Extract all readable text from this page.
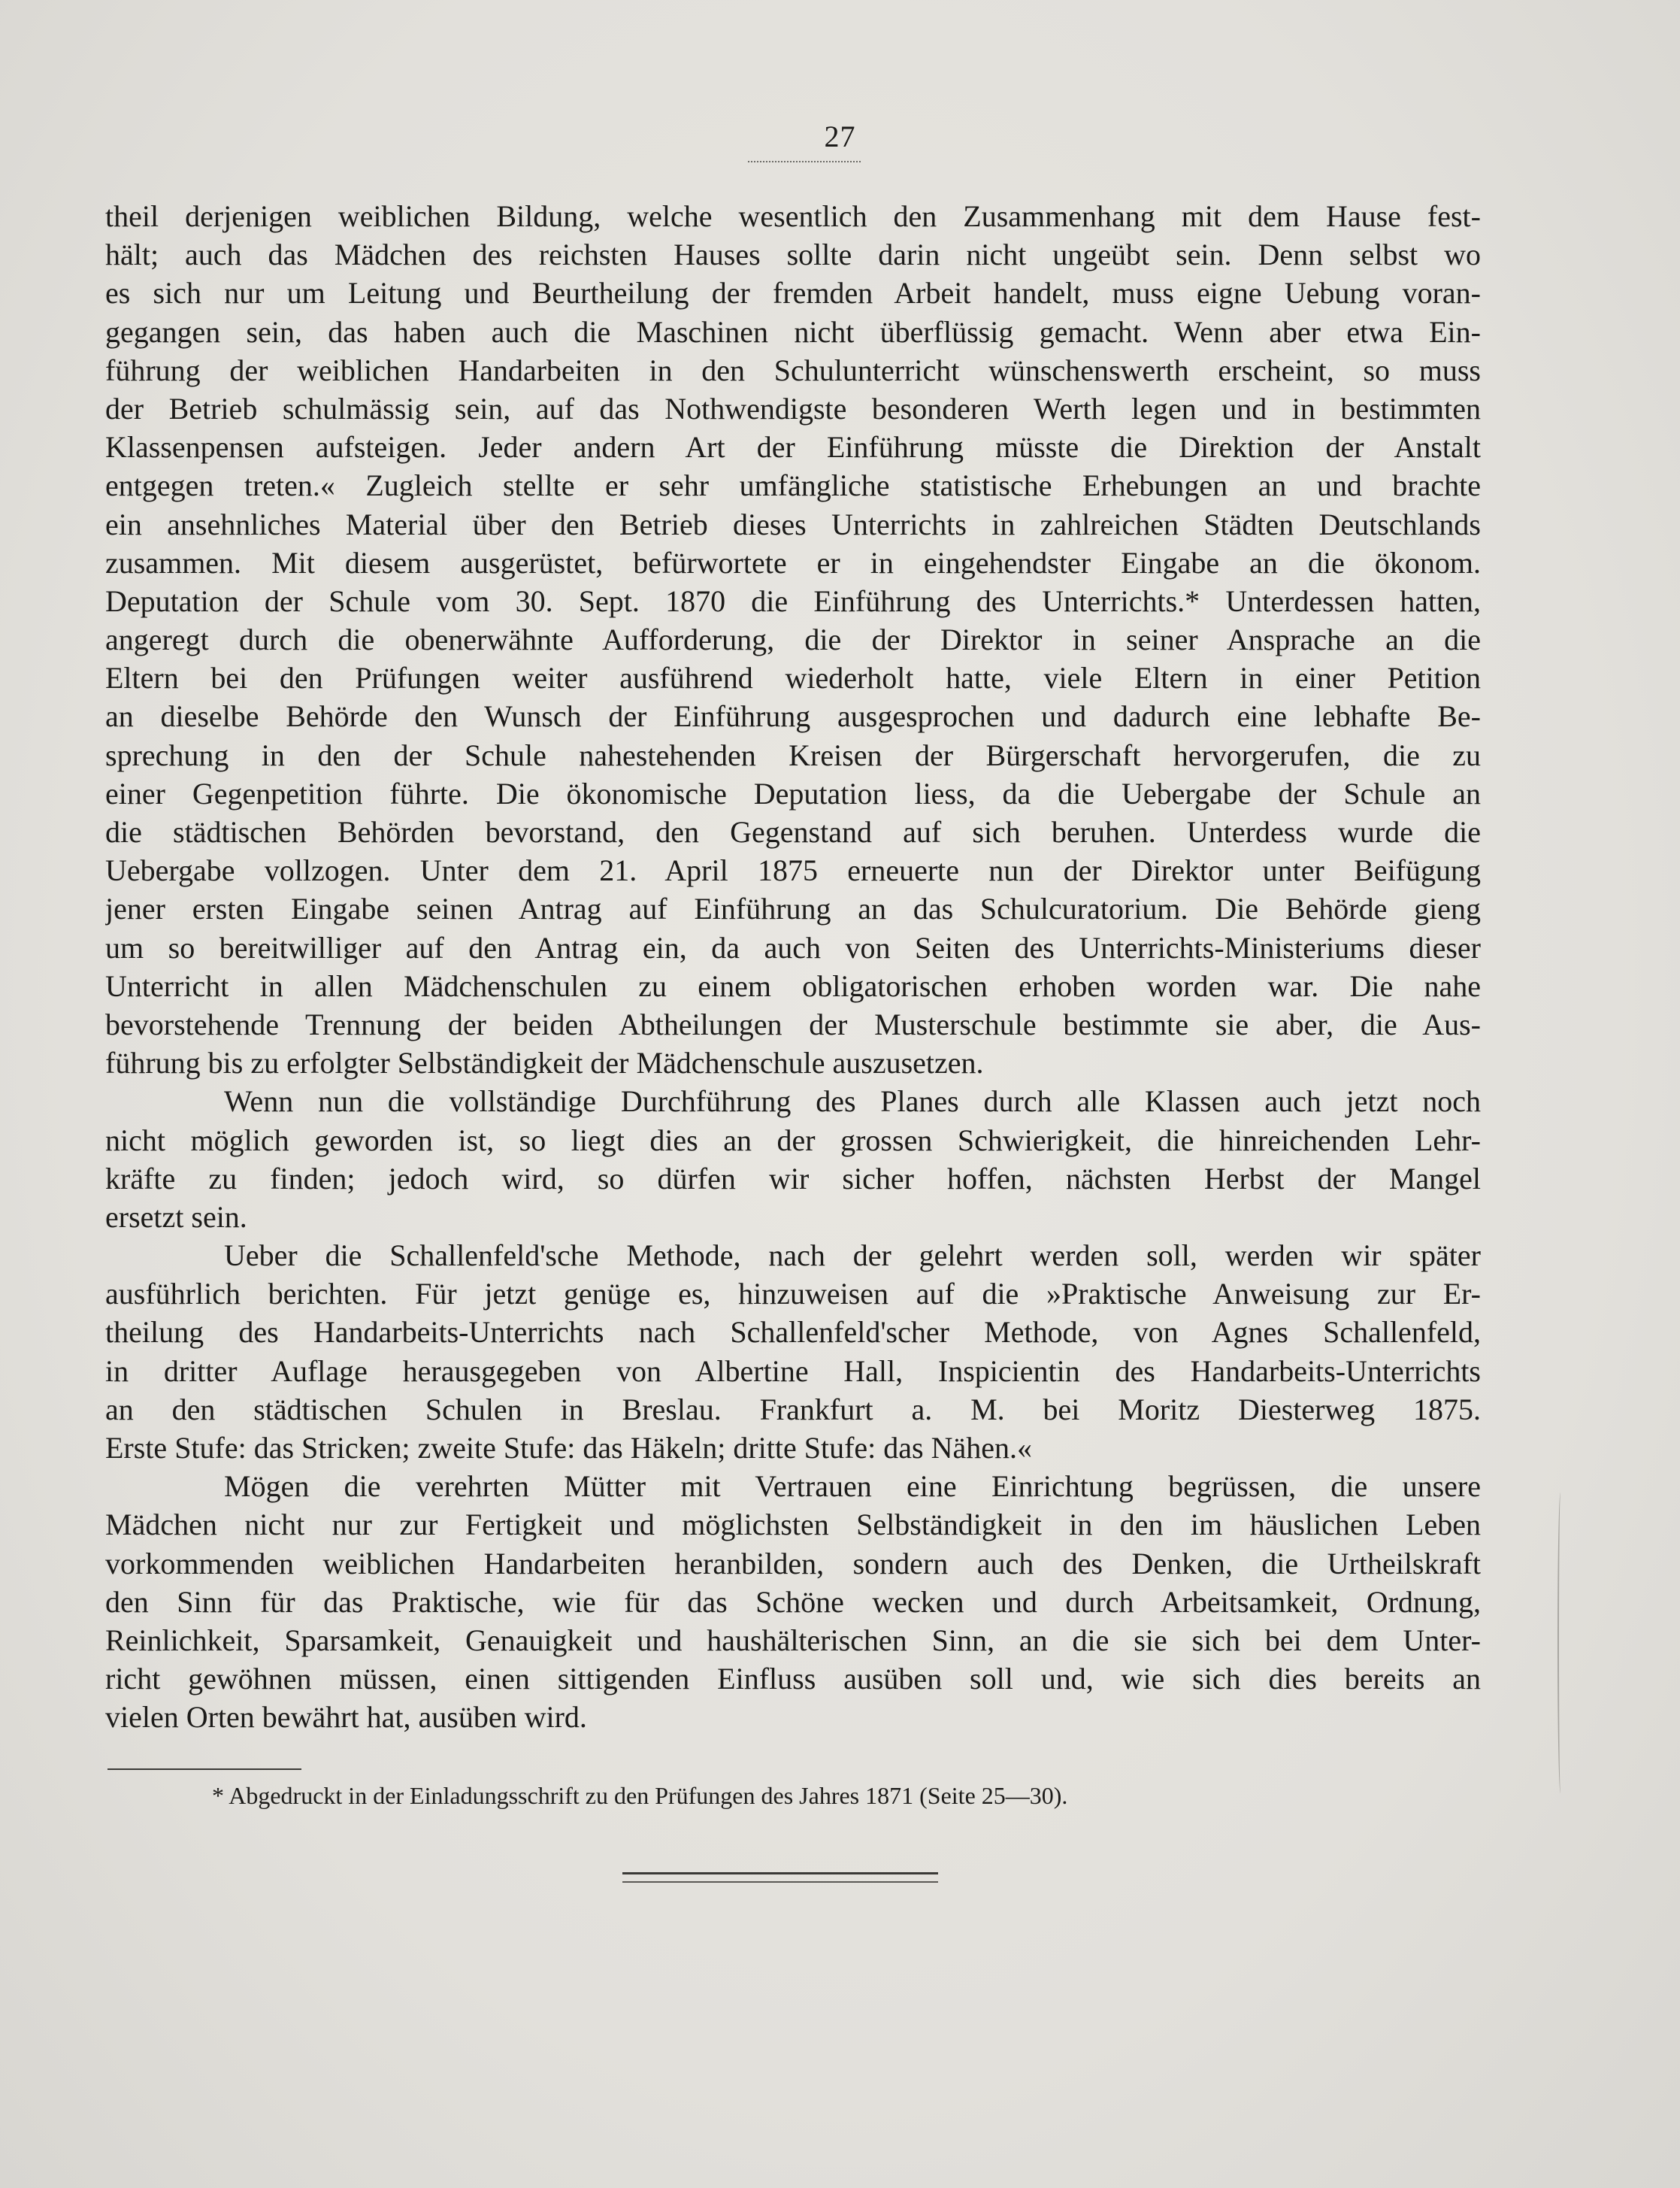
27
theil derjenigen weiblichen Bildung, welche wesentlich den Zusammenhang mit dem Hause fest-
hält; auch das Mädchen des reichsten Hauses sollte darin nicht ungeübt sein. Denn selbst wo
es sich nur um Leitung und Beurtheilung der fremden Arbeit handelt, muss eigne Uebung voran-
gegangen sein, das haben auch die Maschinen nicht überflüssig gemacht. Wenn aber etwa Ein-
führung der weiblichen Handarbeiten in den Schulunterricht wünschenswerth erscheint, so muss
der Betrieb schulmässig sein, auf das Nothwendigste besonderen Werth legen und in bestimmten
Klassenpensen aufsteigen. Jeder andern Art der Einführung müsste die Direktion der Anstalt
entgegen treten.« Zugleich stellte er sehr umfängliche statistische Erhebungen an und brachte
ein ansehnliches Material über den Betrieb dieses Unterrichts in zahlreichen Städten Deutschlands
zusammen. Mit diesem ausgerüstet, befürwortete er in eingehendster Eingabe an die ökonom.
Deputation der Schule vom 30. Sept. 1870 die Einführung des Unterrichts.* Unterdessen hatten,
angeregt durch die obenerwähnte Aufforderung, die der Direktor in seiner Ansprache an die
Eltern bei den Prüfungen weiter ausführend wiederholt hatte, viele Eltern in einer Petition
an dieselbe Behörde den Wunsch der Einführung ausgesprochen und dadurch eine lebhafte Be-
sprechung in den der Schule nahestehenden Kreisen der Bürgerschaft hervorgerufen, die zu
einer Gegenpetition führte. Die ökonomische Deputation liess, da die Uebergabe der Schule an
die städtischen Behörden bevorstand, den Gegenstand auf sich beruhen. Unterdess wurde die
Uebergabe vollzogen. Unter dem 21. April 1875 erneuerte nun der Direktor unter Beifügung
jener ersten Eingabe seinen Antrag auf Einführung an das Schulcuratorium. Die Behörde gieng
um so bereitwilliger auf den Antrag ein, da auch von Seiten des Unterrichts-Ministeriums dieser
Unterricht in allen Mädchenschulen zu einem obligatorischen erhoben worden war. Die nahe
bevorstehende Trennung der beiden Abtheilungen der Musterschule bestimmte sie aber, die Aus-
führung bis zu erfolgter Selbständigkeit der Mädchenschule auszusetzen.
Wenn nun die vollständige Durchführung des Planes durch alle Klassen auch jetzt noch
nicht möglich geworden ist, so liegt dies an der grossen Schwierigkeit, die hinreichenden Lehr-
kräfte zu finden; jedoch wird, so dürfen wir sicher hoffen, nächsten Herbst der Mangel
ersetzt sein.
Ueber die Schallenfeld'sche Methode, nach der gelehrt werden soll, werden wir später
ausführlich berichten. Für jetzt genüge es, hinzuweisen auf die »Praktische Anweisung zur Er-
theilung des Handarbeits-Unterrichts nach Schallenfeld'scher Methode, von Agnes Schallenfeld,
in dritter Auflage herausgegeben von Albertine Hall, Inspicientin des Handarbeits-Unterrichts
an den städtischen Schulen in Breslau. Frankfurt a. M. bei Moritz Diesterweg 1875.
Erste Stufe: das Stricken; zweite Stufe: das Häkeln; dritte Stufe: das Nähen.«
Mögen die verehrten Mütter mit Vertrauen eine Einrichtung begrüssen, die unsere
Mädchen nicht nur zur Fertigkeit und möglichsten Selbständigkeit in den im häuslichen Leben
vorkommenden weiblichen Handarbeiten heranbilden, sondern auch des Denken, die Urtheilskraft
den Sinn für das Praktische, wie für das Schöne wecken und durch Arbeitsamkeit, Ordnung,
Reinlichkeit, Sparsamkeit, Genauigkeit und haushälterischen Sinn, an die sie sich bei dem Unter-
richt gewöhnen müssen, einen sittigenden Einfluss ausüben soll und, wie sich dies bereits an
vielen Orten bewährt hat, ausüben wird.
* Abgedruckt in der Einladungsschrift zu den Prüfungen des Jahres 1871 (Seite 25—30).
